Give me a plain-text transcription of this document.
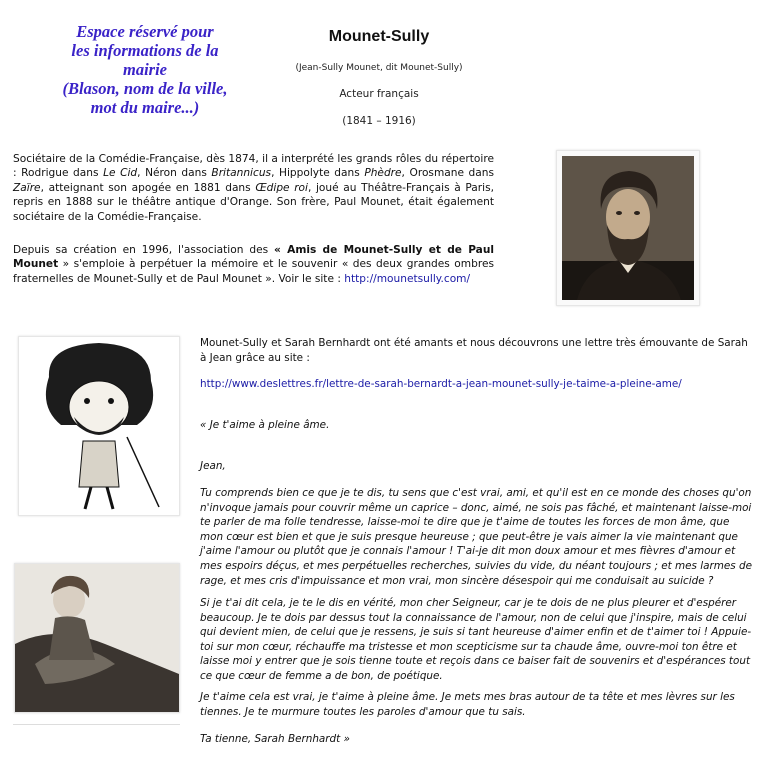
Espace réservé pour
les informations de la
mairie
(Blason, nom de la ville,
mot du maire...)
Mounet-Sully
(Jean-Sully Mounet, dit Mounet-Sully)
Acteur français
(1841 – 1916)
Sociétaire de la Comédie-Française, dès 1874, il a interprété les grands rôles du répertoire : Rodrigue dans Le Cid, Néron dans Britannicus, Hippolyte dans Phèdre, Orosmane dans Zaïre, atteignant son apogée en 1881 dans Œdipe roi, joué au Théâtre-Français à Paris, repris en 1888 sur le théâtre antique d'Orange. Son frère, Paul Mounet, était également sociétaire de la Comédie-Française.
Depuis sa création en 1996, l'association des « Amis de Mounet-Sully et de Paul Mounet » s'emploie à perpétuer la mémoire et le souvenir « des deux grandes ombres fraternelles de Mounet-Sully et de Paul Mounet ». Voir le site : http://mounetsully.com/
Mounet-Sully et Sarah Bernhardt ont été amants et nous découvrons une lettre très émouvante de Sarah à Jean grâce au site :
http://www.deslettres.fr/lettre-de-sarah-bernardt-a-jean-mounet-sully-je-taime-a-pleine-ame/
« Je t'aime à pleine âme.
Jean,
Tu comprends bien ce que je te dis, tu sens que c'est vrai, ami, et qu'il est en ce monde des choses qu'on n'invoque jamais pour couvrir même un caprice – donc, aimé, ne sois pas fâché, et maintenant laisse-moi te parler de ma folle tendresse, laisse-moi te dire que je t'aime de toutes les forces de mon âme, que mon cœur est bien et que je suis presque heureuse ; que peut-être je vais aimer la vie maintenant que j'aime l'amour ou plutôt que je connais l'amour ! T'ai-je dit mon doux amour et mes fièvres d'amour et mes espoirs déçus, et mes perpétuelles recherches, suivies du vide, du néant toujours ; et mes larmes de rage, et mes cris d'impuissance et mon vrai, mon sincère désespoir qui me conduisait au suicide ?
Si je t'ai dit cela, je te le dis en vérité, mon cher Seigneur, car je te dois de ne plus pleurer et d'espérer beaucoup. Je te dois par dessus tout la connaissance de l'amour, non de celui que j'inspire, mais de celui qui devient mien, de celui que je ressens, je suis si tant heureuse d'aimer enfin et de t'aimer toi ! Appuie-toi sur mon cœur, réchauffe ma tristesse et mon scepticisme sur ta chaude âme, ouvre-moi ton être et laisse moi y entrer que je sois tienne toute et reçois dans ce baiser fait de souvenirs et d'espérances tout ce que cœur de femme a de bon, de poétique.
Je t'aime cela est vrai, je t'aime à pleine âme. Je mets mes bras autour de ta tête et mes lèvres sur les tiennes. Je te murmure toutes les paroles d'amour que tu sais.
Ta tienne, Sarah Bernhardt »
